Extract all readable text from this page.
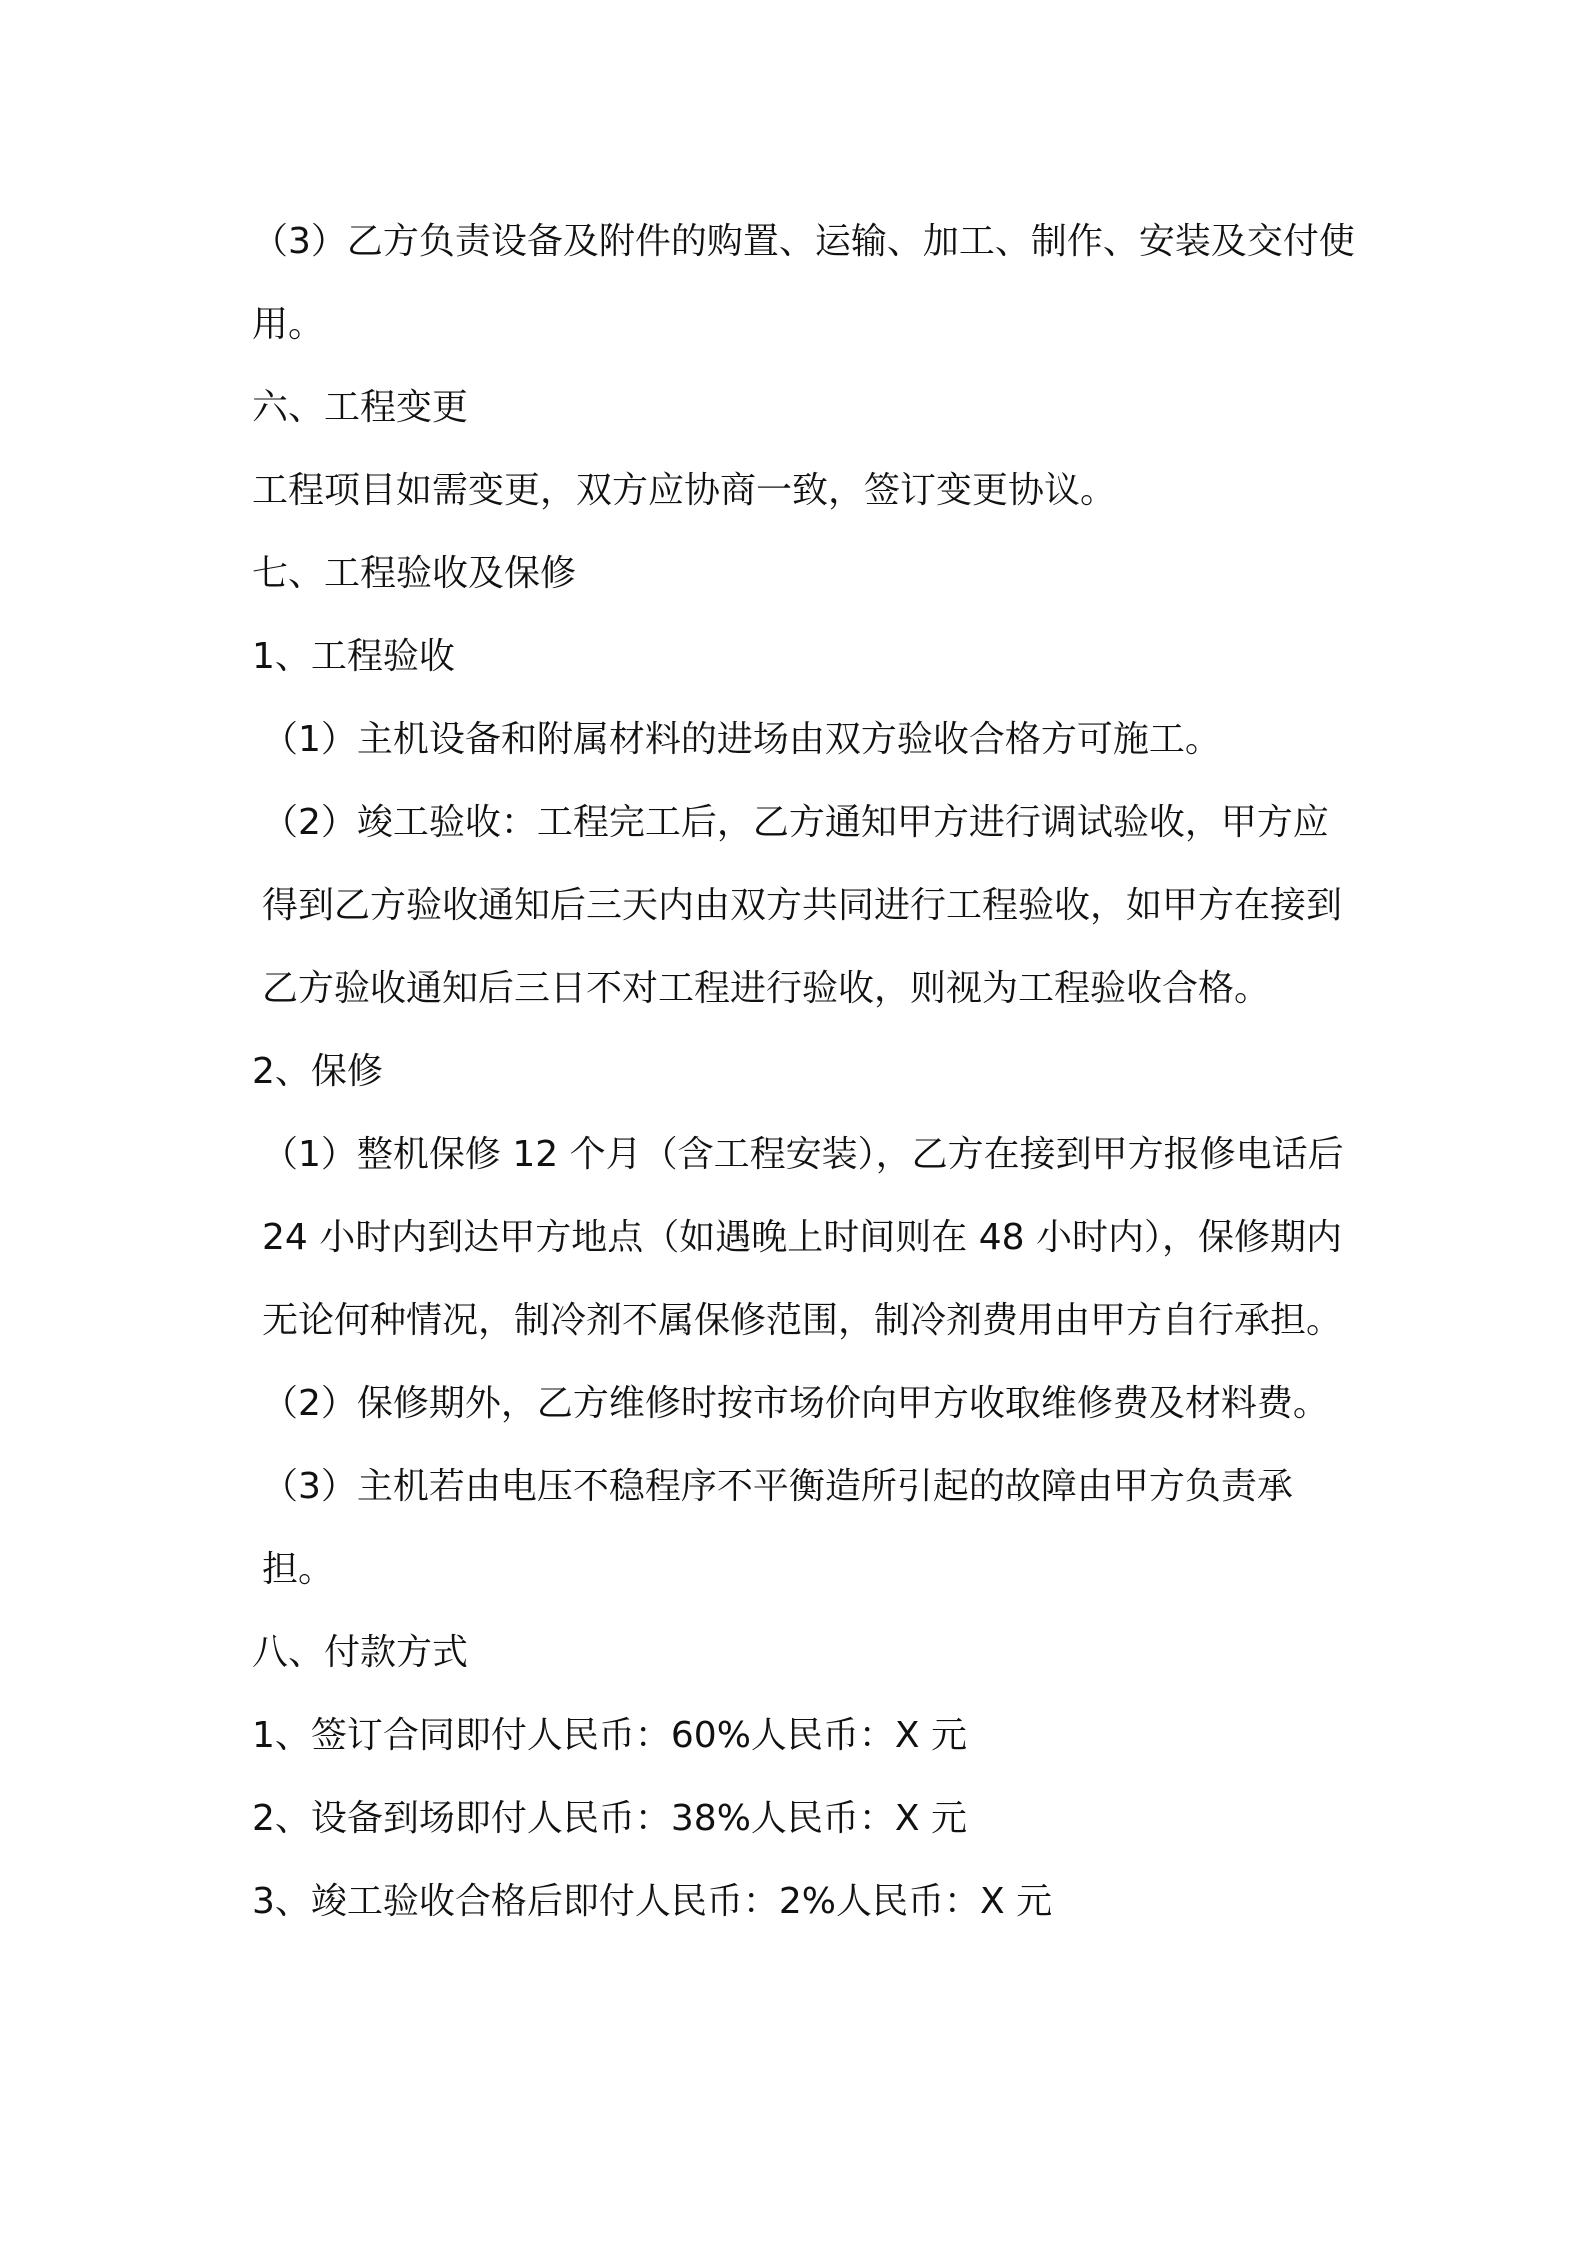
（3）乙方负责设备及附件的购置、运输、加工、制作、安装及交付使用。

六、工程变更

工程项目如需变更，双方应协商一致，签订变更协议。

七、工程验收及保修

1、工程验收

（1）主机设备和附属材料的进场由双方验收合格方可施工。

（2）竣工验收：工程完工后，乙方通知甲方进行调试验收，甲方应得到乙方验收通知后三天内由双方共同进行工程验收，如甲方在接到乙方验收通知后三日不对工程进行验收，则视为工程验收合格。

2、保修

（1）整机保修 12 个月（含工程安装），乙方在接到甲方报修电话后 24 小时内到达甲方地点（如遇晚上时间则在 48 小时内），保修期内无论何种情况，制冷剂不属保修范围，制冷剂费用由甲方自行承担。

（2）保修期外，乙方维修时按市场价向甲方收取维修费及材料费。

（3）主机若由电压不稳程序不平衡造所引起的故障由甲方负责承担。

八、付款方式

1、签订合同即付人民币：60%人民币：X 元

2、设备到场即付人民币：38%人民币：X 元

3、竣工验收合格后即付人民币：2%人民币：X 元
